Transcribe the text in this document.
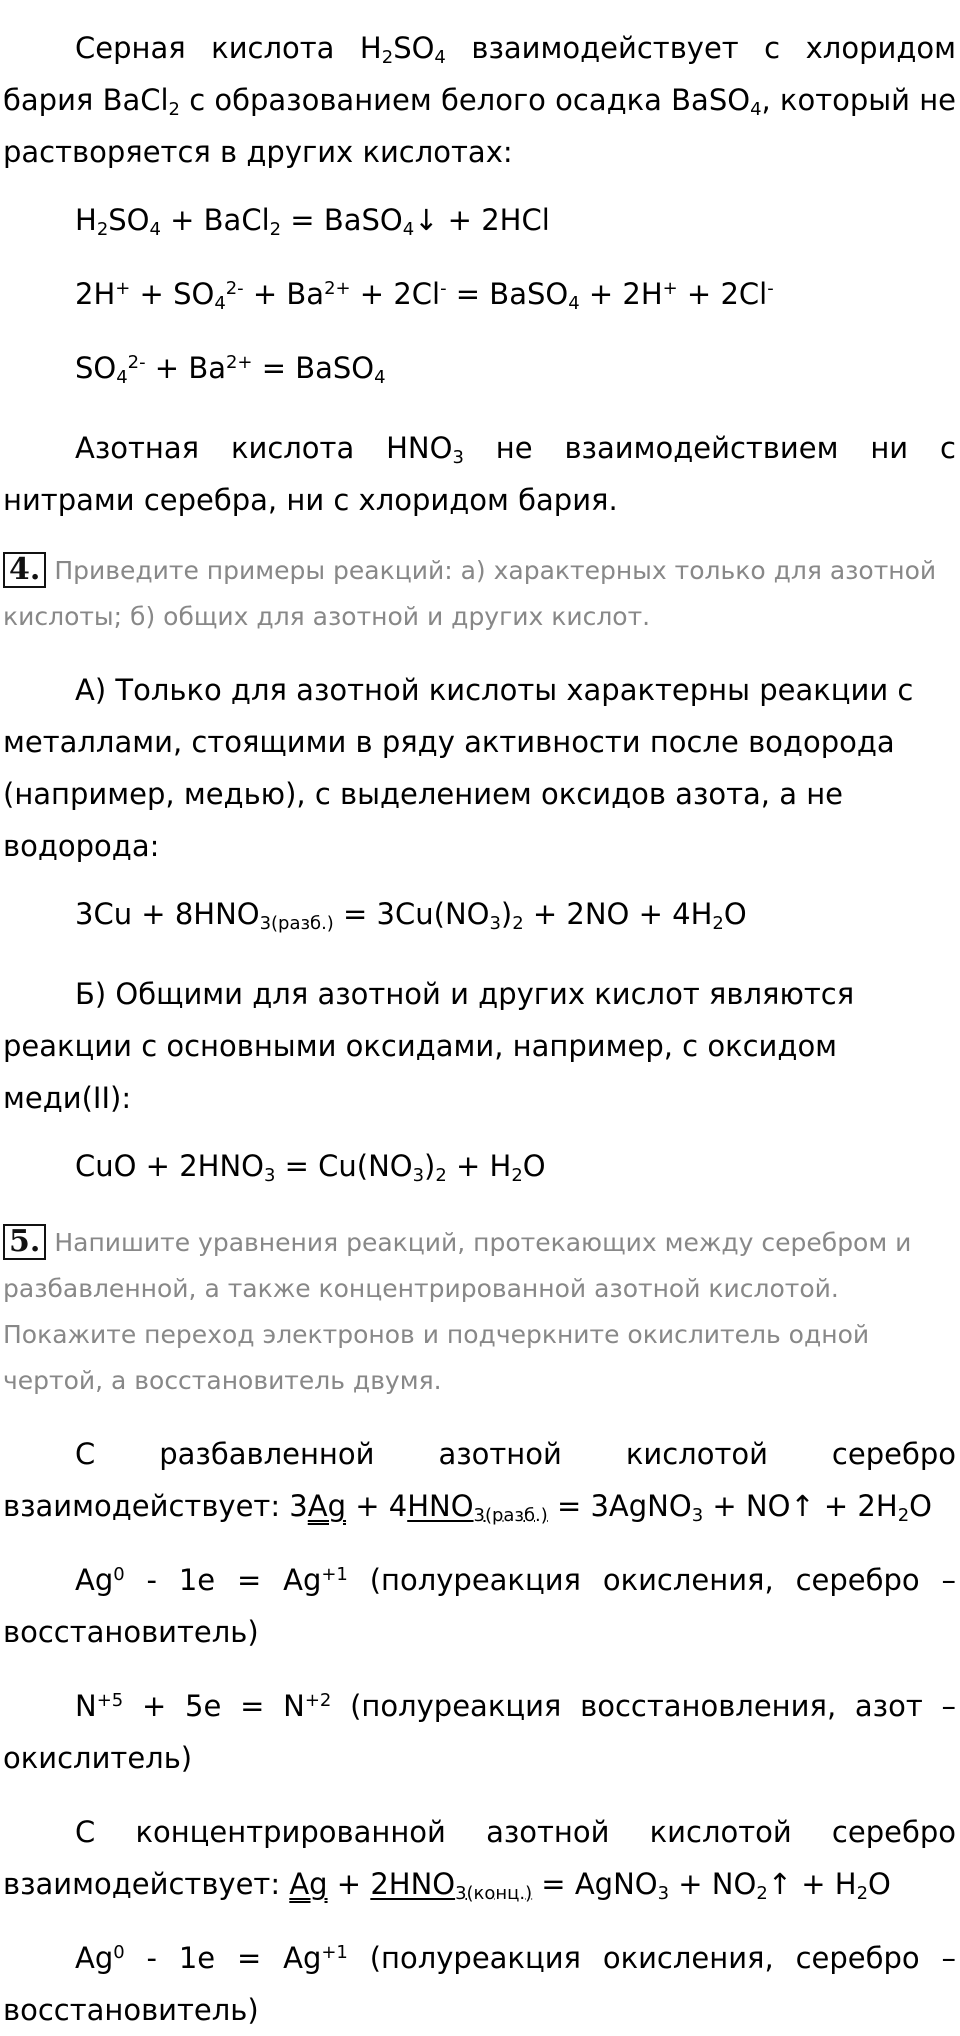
Серная кислота $H_2SO_4$ взаимодействует с хлоридом бария BaCl$_2$ с образованием белого осадка BaSO$_4$, который не растворяется в других кислотах:

$H_2SO_4$ + BaCl$_2$ = BaSO$_4$↓ + 2HCl
$2H^+ + SO_4^{2-} + Ba^{2+} + 2Cl^-$ = BaSO$_4$ + 2H+ + 2Cl-
$SO_4^{2-} + Ba^{2+}$ = BaSO$_4$

Азотная кислота $HNO_3$ не взаимодействием ни с нитрами серебра, ни с хлоридом бария.

4. Приведите примеры реакций: а) характерных только для азотной кислоты; б) общих для азотной и других кислот.

А) Только для азотной кислоты характерны реакции с металлами, стоящими в ряду активности после водорода (например, медью), с выделением оксидов азота, а не водорода:

$3Cu + 8HNO_{3(разб.)} = 3Cu(NO_3)_2 + 2NO + 4H_2O$

Б) Общими для азотной и других кислот являются реакции с основными оксидами, например, с оксидом меди(II):

CuO + $2HNO_3 = Cu(NO_3)_2 + H_2O$
5. Напишите уравнения реакций, протекающих между серебром и разбавленной, а также концентрированной азотной кислотой. Покажите переход электронов и подчеркните окислитель одной чертой, а восстановитель двумя.

С разбавленной азотной кислотой серебро взаимодействует: $3Ag + 4HNO_{3(разб.)}$ = 3AgNO$_3$ + NO↑ + $2H_2O$

$Ag^0 - 1e = Ag^{+1}$ (полуреакция окисления, серебро – восстановитель)

$N^{+5} + 5e = N^{+2}$ (полуреакция восстановления, азот – окислитель)

С концентрированной азотной кислотой серебро взаимодействует: $Ag + 2HNO_{3(конц.)}$ = AgNO$_3$ + $NO_2↑ + H_2O$

$Ag^0 - 1e = Ag^{+1}$ (полуреакция окисления, серебро – восстановитель)
